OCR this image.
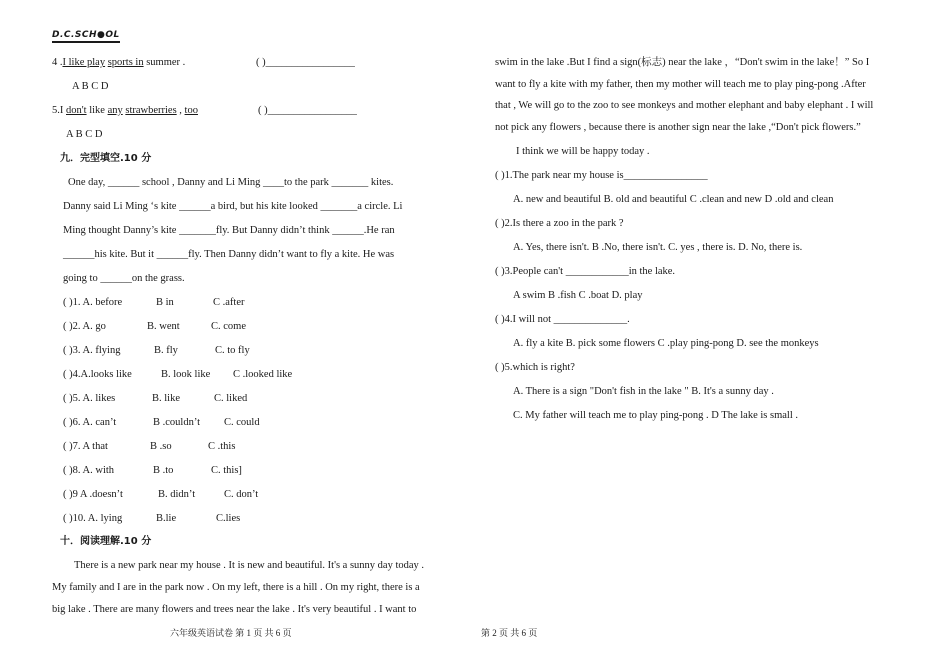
D.C.SCH●OL
4 .I like play sports in summer .	( )_________________
A B C D
5.I don't like any strawberries , too	( )_________________
A B C D
九．完型填空.10 分
One day, ______ school , Danny and Li Ming ____to the park _______ kites.
Danny said Li Ming ‘s kite ______a bird, but his kite looked _______a circle. Li
Ming thought Danny’s kite _______fly. But Danny didn’t think ______.He ran
______his kite. But it ______fly. Then Danny didn’t want to fly a kite. He was
going to ______on the grass.
( )1. A. before	B in	C .after
( )2. A. go	B. went	C. come
( )3. A. flying	B. fly	C. to fly
( )4.A.looks like	B. look like C .looked like
( )5. A. likes	B. like	C. liked
( )6. A. can’t	B .couldn’t C. could
( )7. A that	B .so	C .this
( )8. A. with	B .to	C. this]
( )9 A .doesn’t	B. didn’t	C. don’t
( )10. A. lying	B.lie	C.lies
十．阅读理解.10 分
There is a new park near my house . It is new and beautiful. It's a sunny day today .
My family and I are in the park now . On my left, there is a hill . On my right, there is a
big lake . There are many flowers and trees near the lake . It's very beautiful . I want to
六年级英语试卷 第 1 页 共 6 页
swim in the lake .But I find a sign(标志) near the lake ，“Don't swim in the lake！” So I
want to fly a kite with my father, then my mother will teach me to play ping-pong .After
that , We will go to the zoo to see monkeys and mother elephant and baby elephant . I will
not pick any flowers , because there is another sign near the lake ,“Don't pick flowers.”
I think we will be happy today .
( )1.The park near my house is________________
A. new and beautiful B. old and beautiful C .clean and new D .old and clean
( )2.Is there a zoo in the park ?
A. Yes, there isn't. B .No, there isn't. C. yes , there is. D. No, there is.
( )3.People can't ____________in the lake.
A swim B .fish C .boat D. play
( )4.I will not ______________.
A. fly a kite B. pick some flowers C .play ping-pong D. see the monkeys
( )5.which is right?
A. There is a sign "Don't fish in the lake " B. It's a sunny day .
C. My father will teach me to play ping-pong . D The lake is small .
第 2 页 共 6 页
